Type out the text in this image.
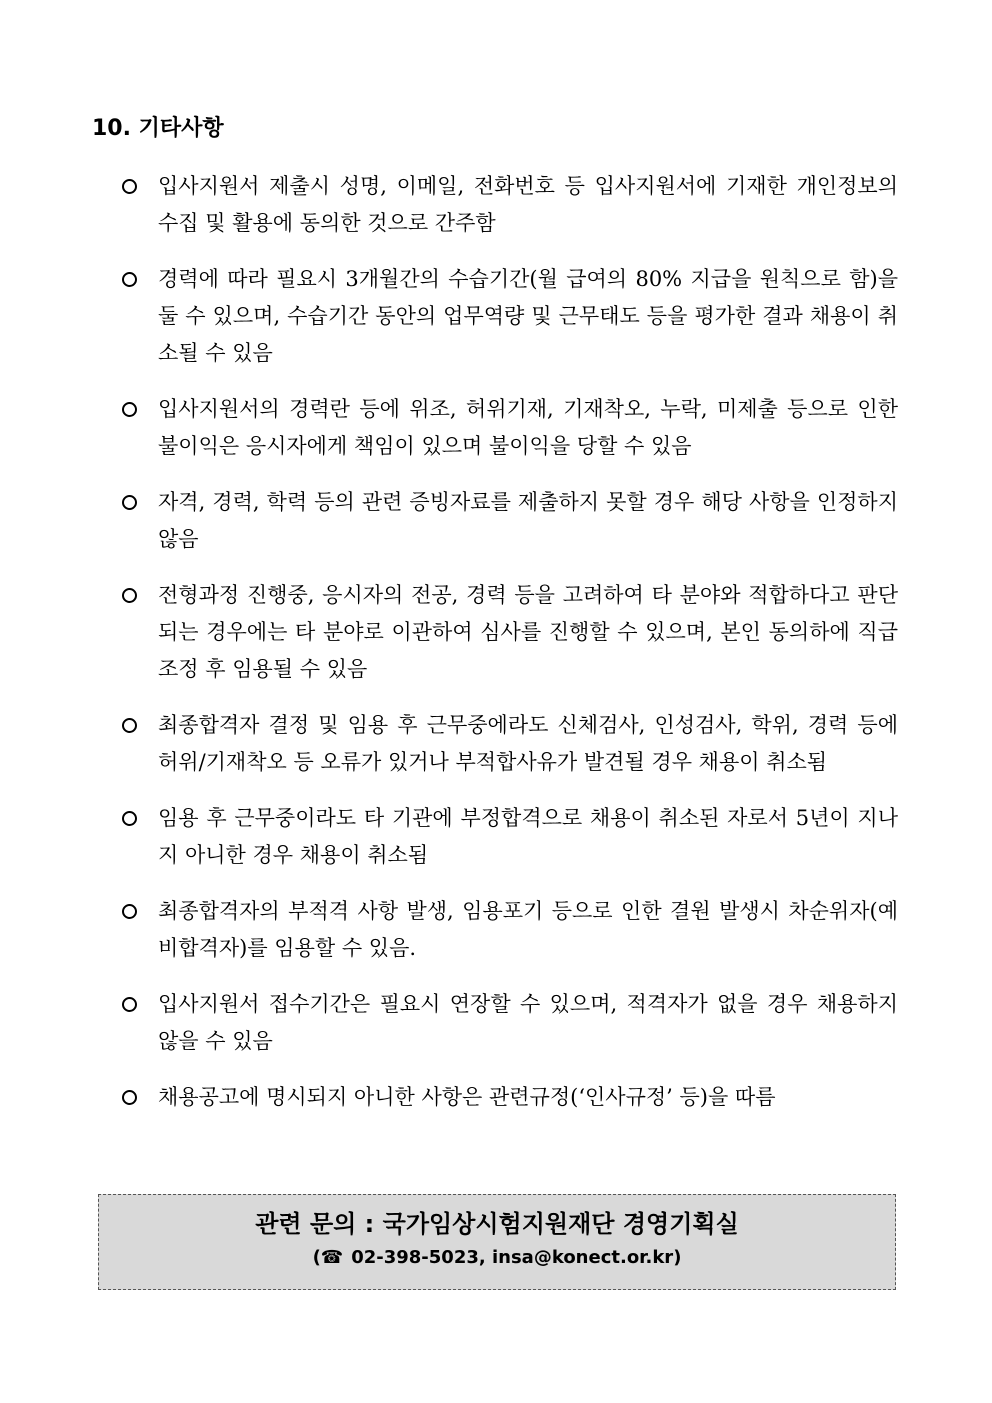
10. 기타사항
입사지원서 제출시 성명, 이메일, 전화번호 등 입사지원서에 기재한 개인정보의 수집 및 활용에 동의한 것으로 간주함
경력에 따라 필요시 3개월간의 수습기간(월 급여의 80% 지급을 원칙으로 함)을 둘 수 있으며, 수습기간 동안의 업무역량 및 근무태도 등을 평가한 결과 채용이 취소될 수 있음
입사지원서의 경력란 등에 위조, 허위기재, 기재착오, 누락, 미제출 등으로 인한 불이익은 응시자에게 책임이 있으며 불이익을 당할 수 있음
자격, 경력, 학력 등의 관련 증빙자료를 제출하지 못할 경우 해당 사항을 인정하지 않음
전형과정 진행중, 응시자의 전공, 경력 등을 고려하여 타 분야와 적합하다고 판단되는 경우에는 타 분야로 이관하여 심사를 진행할 수 있으며, 본인 동의하에 직급조정 후 임용될 수 있음
최종합격자 결정 및 임용 후 근무중에라도 신체검사, 인성검사, 학위, 경력 등에 허위/기재착오 등 오류가 있거나 부적합사유가 발견될 경우 채용이 취소됨
임용 후 근무중이라도 타 기관에 부정합격으로 채용이 취소된 자로서 5년이 지나지 아니한 경우 채용이 취소됨
최종합격자의 부적격 사항 발생, 임용포기 등으로 인한 결원 발생시 차순위자(예비합격자)를 임용할 수 있음.
입사지원서 접수기간은 필요시 연장할 수 있으며, 적격자가 없을 경우 채용하지 않을 수 있음
채용공고에 명시되지 아니한 사항은 관련규정(‘인사규정’ 등)을 따름
관련 문의 : 국가임상시험지원재단 경영기획실
(☎ 02-398-5023, insa@konect.or.kr)
